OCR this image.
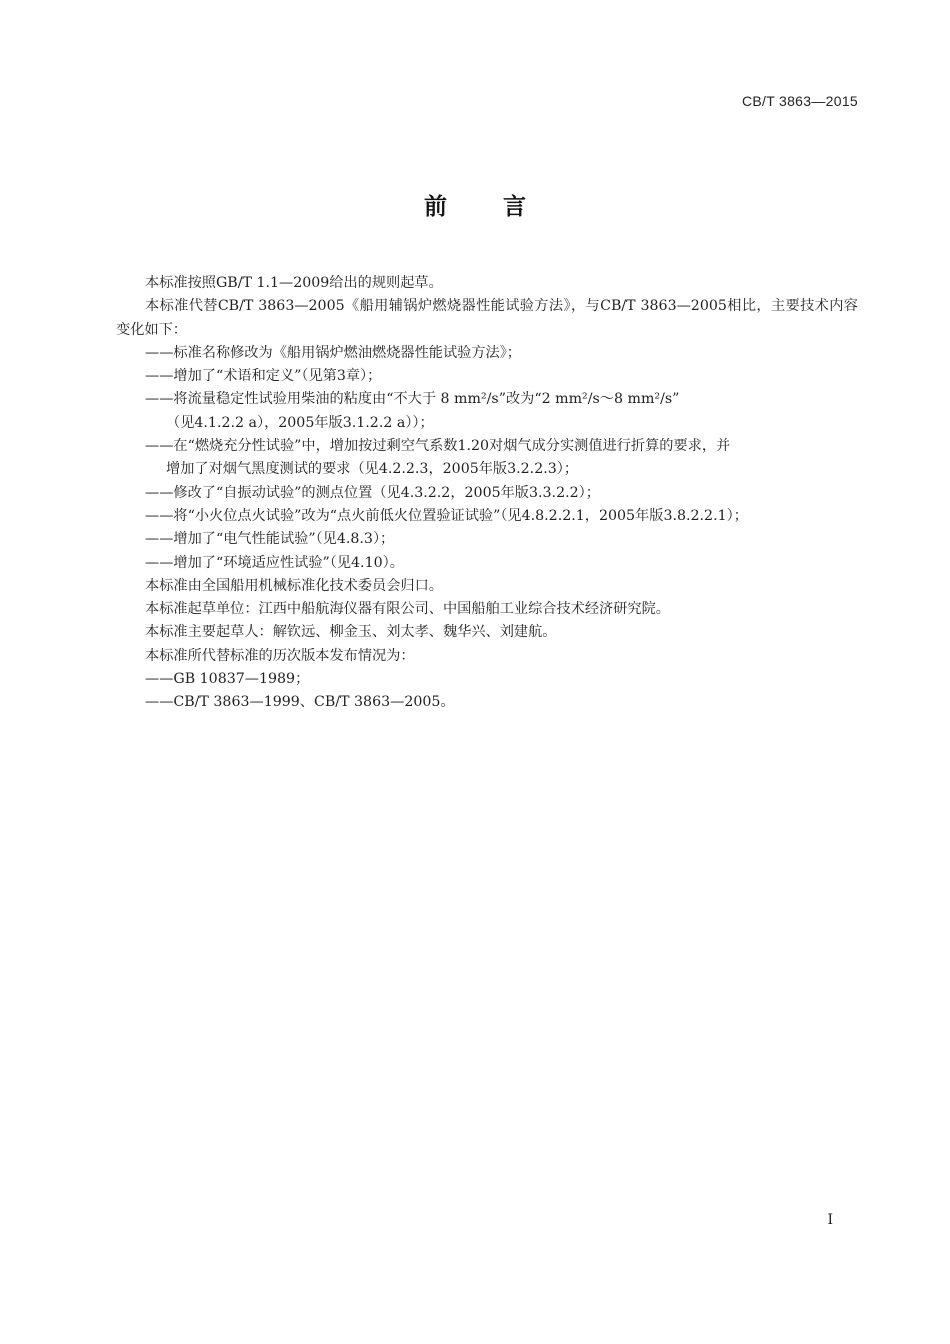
CB/T 3863—2015
前 言

本标准按照GB/T 1.1—2009给出的规则起草。

本标准代替CB/T 3863—2005《船用辅锅炉燃烧器性能试验方法》，与CB/T 3863—2005相比，主要技术内容变化如下：

——标准名称修改为《船用锅炉燃油燃烧器性能试验方法》；

——增加了“术语和定义”（见第3章）；

——将流量稳定性试验用柴油的粘度由“不大于 8 mm²/s”改为“2 mm²/s～8 mm²/s”

（见4.1.2.2 a），2005年版3.1.2.2 a））；

——在“燃烧充分性试验”中，增加按过剩空气系数1.20对烟气成分实测值进行折算的要求，并

增加了对烟气黑度测试的要求（见4.2.2.3，2005年版3.2.2.3）；

——修改了“自振动试验”的测点位置（见4.3.2.2，2005年版3.3.2.2）；

——将“小火位点火试验”改为“点火前低火位置验证试验”（见4.8.2.2.1，2005年版3.8.2.2.1）；

——增加了“电气性能试验”（见4.8.3）；

——增加了“环境适应性试验”（见4.10）。

本标准由全国船用机械标准化技术委员会归口。

本标准起草单位：江西中船航海仪器有限公司、中国船舶工业综合技术经济研究院。

本标准主要起草人：解钦远、柳金玉、刘太孝、魏华兴、刘建航。

本标准所代替标准的历次版本发布情况为：

——GB 10837—1989；

——CB/T 3863—1999、CB/T 3863—2005。

I
